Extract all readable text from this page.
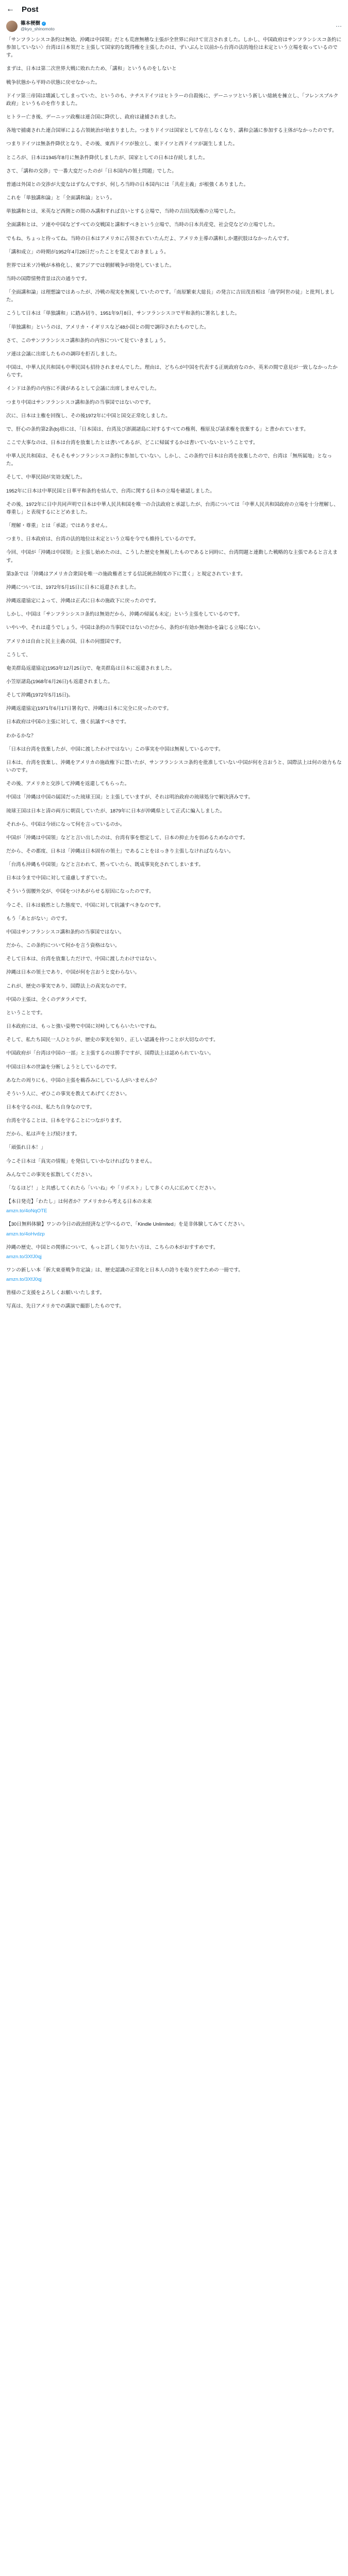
← Post
篠本梗樹 ✓
@kyo_shinomoto	⋯

「サンフランシスコ条約は無効。沖縄は中国領」だとも荒唐無稽な主張が全世界に向けて宣言されました。しかし、中国政府はサンフランシスコ条約に参加していない〉台湾は日本領だと主張して国家的な既得権を主張したのは、ずいぶんと以前から台湾の法的地位は未定という立場を取っているのです。

まずは、日本は第二次世界大戦に敗れたため、「講和」というものをしないと

戦争状態から平時の状態に戻せなかった。

ドイツ第三帝国は壊滅してしまっていた、というのも、ナチスドイツはヒトラーの自殺後に、デーニッツという新しい総統を擁立し、「フレンスブルク政府」というものを作りました。

ヒトラー亡き後、デーニッツ政権は連合国に降伏し、政府は逮捕されました。

各地で捕虜された連合国軍による占領統治が始まりました。つまりドイツは国家として存在しなくなり、講和会議に参加する主体がなかったのです。

つまりドイツは無条件降伏となり、その後、東西ドイツが独立し、東ドイツと西ドイツが誕生しました。

ところが、日本は1945年8月に無条件降伏しましたが、国家としての日本は存続しました。

さて、「講和の交渉」で一番大変だったのが「日本国内の領土問題」でした。

普通は外国との交渉が大変なはずなんですが、何しろ当時の日本国内には「共産主義」が根強くありました。

これを「単独講和論」と「全面講和論」という。

単独講和とは、米英など西側との間のみ講和すれば良いとする立場で、当時の吉田茂政権の立場でした。

全面講和とは、ソ連や中国などすべての交戦国と講和すべきという立場で、当時の日本共産党、社会党などの立場でした。

でもね、ちょっと待ってね。当時の日本はアメリカに占領されていたんだよ、アメリカ主導の講和しか選択肢はなかったんです。

「講和成立」の時期が1952年4月28日だったことを覚えておきましょう。

世界では米ソ冷戦が本格化し、東アジアでは朝鮮戦争が勃発していました。

当時の国際情勢背景は次の通りです。

「全面講和論」は理想論ではあったが、冷戦の現実を無視していたのです。「南原繁東大総長」の発言に吉田茂首相は「曲学阿世の徒」と批判しました。

こうして日本は「単独講和」に踏み切り、1951年9月8日、サンフランシスコで平和条約に署名しました。

「単独講和」というのは、アメリカ・イギリスなど48か国との間で調印されたものでした。

さて、このサンフランシスコ講和条約の内容について見ていきましょう。

ソ連は会議に出席したものの調印を拒否しました。

中国は、中華人民共和国も中華民国も招待されませんでした。理由は、どちらが中国を代表する正統政府なのか、英米の間で意見が一致しなかったからです。

インドは条約の内容に不満があるとして会議に出席しませんでした。

つまり中国はサンフランシスコ講和条約の当事国ではないのです。

次に、日本は主権を回復し、その後1972年に中国と国交正常化しました。

で、肝心の条約第2条(b)項には、「日本国は、台湾及び澎湖諸島に対するすべての権利、権原及び請求権を放棄する」と書かれています。

ここで大事なのは、日本は台湾を放棄したとは書いてあるが、どこに帰属するかは書いていないということです。

中華人民共和国は、そもそもサンフランシスコ条約に参加していない。しかし、この条約で日本は台湾を放棄したので、台湾は「無所属地」となった。

そして、中華民国が実効支配した。

1952年に日本は中華民国と日華平和条約を結んで、台湾に関する日本の立場を確認しました。

その後、1972年に日中共同声明で日本は中華人民共和国を唯一の合法政府と承認したが、台湾については「中華人民共和国政府の立場を十分理解し、尊重し」と表現するにとどめました。

「理解・尊重」とは「承認」ではありません。

つまり、日本政府は、台湾の法的地位は未定という立場を今でも維持しているのです。

今回、中国が「沖縄は中国領」と主張し始めたのは、こうした歴史を無視したものであると同時に、台湾問題と連動した戦略的な主張であると言えます。

第3条では「沖縄はアメリカ合衆国を唯一の施政権者とする信託統治制度の下に置く」と規定されています。

沖縄については、1972年5月15日に日本に返還されました。

沖縄返還協定によって、沖縄は正式に日本の施政下に戻ったのです。

しかし、中国は「サンフランシスコ条約は無効だから、沖縄の帰属も未定」という主張をしているのです。

いやいや、それは違うでしょう。中国は条約の当事国ではないのだから、条約が有効か無効かを論じる立場にない。

アメリカは自由と民主主義の国、日本の同盟国です。

こうして、

奄美群島返還協定(1953年12月25日)で、奄美群島は日本に返還されました。

小笠原諸島(1968年6月26日)も返還されました。

そして沖縄(1972年5月15日)。

沖縄返還協定(1971年6月17日署名)で、沖縄は日本に完全に戻ったのです。

日本政府は中国の主張に対して、強く抗議すべきです。

わかるかな？

「日本は台湾を放棄したが、中国に渡したわけではない」この事実を中国は無視しているのです。

日本は、台湾を放棄し、沖縄をアメリカの施政権下に置いたが、サンフランシスコ条約を批准していない中国が何を言おうと、国際法上は何の効力もないのです。

その後、アメリカと交渉して沖縄を返還してもらった。

中国は「沖縄は中国の属国だった琉球王国」と主張していますが、それは明治政府の琉球処分で解決済みです。

琉球王国は日本と清の両方に朝貢していたが、1879年に日本が沖縄県として正式に編入しました。

それから、中国は今頃になって何を言っているのか。

中国が「沖縄は中国領」などと言い出したのは、台湾有事を想定して、日本の抑止力を弱めるためなのです。

だから、その都度、日本は「沖縄は日本固有の領土」であることをはっきり主張しなければならない。

「台湾も沖縄も中国領」などと言われて、黙っていたら、既成事実化されてしまいます。

日本は今まで中国に対して遠慮しすぎていた。

そういう弱腰外交が、中国をつけあがらせる原因になったのです。

今こそ、日本は毅然とした態度で、中国に対して抗議すべきなのです。

もう「あとがない」のです。

中国はサンフランシスコ講和条約の当事国ではない。

だから、この条約について何かを言う資格はない。

そして日本は、台湾を放棄しただけで、中国に渡したわけではない。

沖縄は日本の領土であり、中国が何を言おうと変わらない。

これが、歴史の事実であり、国際法上の真実なのです。

中国の主張は、全くのデタラメです。

ということです。

日本政府には、もっと強い姿勢で中国に対峙してもらいたいですね。

そして、私たち国民一人ひとりが、歴史の事実を知り、正しい認識を持つことが大切なのです。

中国政府が「台湾は中国の一部」と主張するのは勝手ですが、国際法上は認められていない。

中国は日本の世論を分断しようとしているのです。

あなたの周りにも、中国の主張を鵜呑みにしている人がいませんか？

そういう人に、ぜひこの事実を教えてあげてください。

日本を守るのは、私たち自身なのです。

台湾を守ることは、日本を守ることにつながります。

だから、私は声を上げ続けます。

「頑張れ日本！」

今こそ日本は「真実の情報」を発信していかなければなりません。

みんなでこの事実を拡散してください。

「なるほど！」と共感してくれたら「いいね」や「リポスト」して多くの人に広めてください。

【本日発売】「わたし」は何者か？アメリカから考える日本の未来

amzn.to/4oNqOTE

【30日無料体験】ワンの今日の政治経済など学べるので、「Kindle Unlimited」を是非体験してみてください。

amzn.to/4oHvdzp

沖縄の歴史、中国との関係について、もっと詳しく知りたい方は、こちらの本がおすすめです。

amzn.to/3XfJ0qj

ワンの新しい本「新大東亜戦争肯定論」は、歴史認識の正常化と日本人の誇りを取り戻すための一冊です。

amzn.to/3XfJ0qj

皆様のご支援をよろしくお願いいたします。

写真は、先日アメリカでの講演で撮影したものです。
